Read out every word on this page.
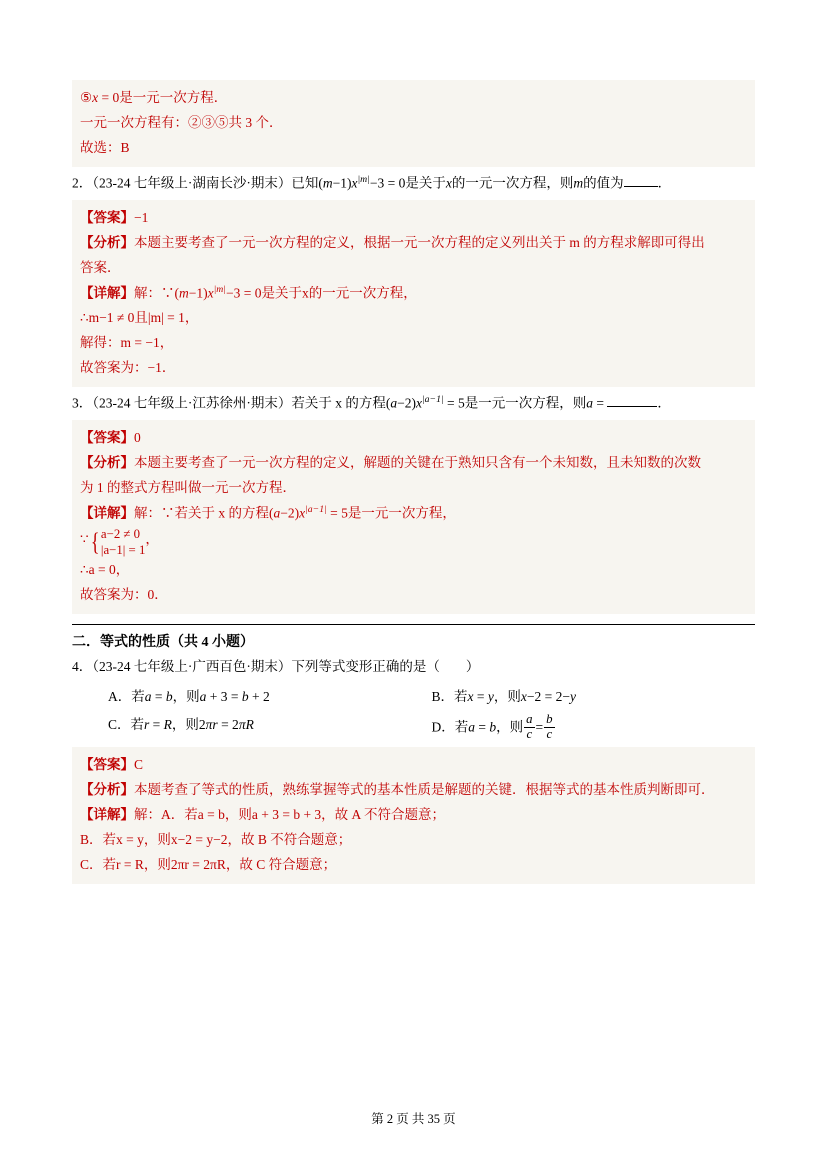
⑤x = 0是一元一次方程．

一元一次方程有：②③⑤共 3 个．

故选：B

2．（23-24 七年级上·湖南长沙·期末）已知$(m-1)x^{|m|}-3 = 0$是关于x的一元一次方程，则m的值为	．

【答案】−1

【分析】本题主要考查了一元一次方程的定义，根据一元一次方程的定义列出关于 m 的方程求解即可得出

答案．

【详解】解：$\because(m-1)x^{|m|}-3 = 0$是关于x的一元一次方程，

∴m−1 ≠ 0且|m| = 1，

解得：m = −1，

故答案为：−1．

3．（23-24 七年级上·江苏徐州·期末）若关于 x 的方程$(a-2)x^{|a-1|} = 5$是一元一次方程，则a =	．

【答案】0

【分析】本题主要考查了一元一次方程的定义，解题的关键在于熟知只含有一个未知数，且未知数的次数

为 1 的整式方程叫做一元一次方程．

【详解】解：∵若关于 x 的方程$(a-2)x^{|a-1|} = 5$是一元一次方程，

∵ { a−2 ≠ 0
|a−1| = 1
，

∴a = 0，

故答案为：0．

二．等式的性质（共 4 小题）

4．（23-24 七年级上·广西百色·期末）下列等式变形正确的是（ ）

A．若a = b，则a + 3 = b + 2	B．若x = y，则x−2 = 2−y
C．若r = R，则2πr = 2πR	D．若a = b，则 $\frac{a}{c} = \frac{b}{c}$

【答案】C

【分析】本题考查了等式的性质，熟练掌握等式的基本性质是解题的关键．根据等式的基本性质判断即可．

【详解】解：A．若a = b，则a + 3 = b + 3，故 A 不符合题意；

B．若x = y，则x−2 = y−2，故 B 不符合题意；

C．若r = R，则2πr = 2πR，故 C 符合题意；

第 2 页 共 35 页
